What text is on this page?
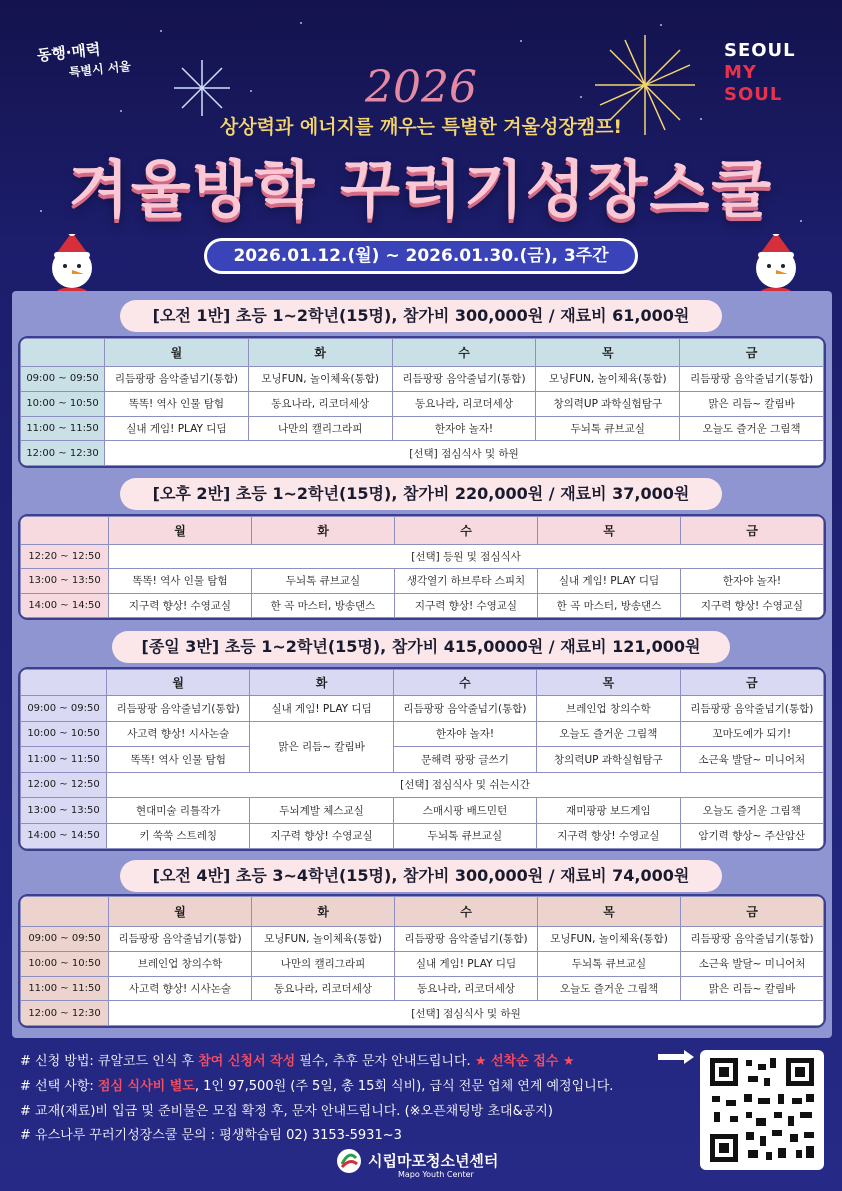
동행·매력
특별시 서울
SEOUL
MY SOUL
2026
상상력과 에너지를 깨우는 특별한 겨울성장캠프!
겨울방학 꾸러기성장스쿨
2026.01.12.(월) ~ 2026.01.30.(금), 3주간
[오전 1반] 초등 1~2학년(15명), 참가비 300,000원 / 재료비 61,000원
	월	화	수	목	금
09:00 ~ 09:50	리듬팡팡 음악줄넘기(통합)	모닝FUN, 놀이체육(통합)	리듬팡팡 음악줄넘기(통합)	모닝FUN, 놀이체육(통합)	리듬팡팡 음악줄넘기(통합)
10:00 ~ 10:50	똑똑! 역사 인물 탐험	동요나라, 리코더세상	동요나라, 리코더세상	창의력UP 과학실험탐구	맑은 리듬~ 칼림바
11:00 ~ 11:50	실내 게임! PLAY 디딤	나만의 캘리그라피	한자야 놀자!	두뇌톡 큐브교실	오늘도 즐거운 그림책
12:00 ~ 12:30	[선택] 점심식사 및 하원				
[오후 2반] 초등 1~2학년(15명), 참가비 220,000원 / 재료비 37,000원
	월	화	수	목	금
12:20 ~ 12:50	[선택] 등원 및 점심식사				
13:00 ~ 13:50	똑똑! 역사 인물 탐험	두뇌톡 큐브교실	생각열기 하브루타 스피치	실내 게임! PLAY 디딤	한자야 놀자!
14:00 ~ 14:50	지구력 향상! 수영교실	한 곡 마스터, 방송댄스	지구력 향상! 수영교실	한 곡 마스터, 방송댄스	지구력 향상! 수영교실
[종일 3반] 초등 1~2학년(15명), 참가비 415,0000원 / 재료비 121,000원
	월	화	수	목	금
09:00 ~ 09:50	리듬팡팡 음악줄넘기(통합)	실내 게임! PLAY 디딤	리듬팡팡 음악줄넘기(통합)	브레인업 창의수학	리듬팡팡 음악줄넘기(통합)
10:00 ~ 10:50	사고력 향상! 시사논술	맑은 리듬~ 칼림바	한자야 놀자!	오늘도 즐거운 그림책	꼬마도예가 되기!
11:00 ~ 11:50	똑똑! 역사 인물 탐험		문해력 팡팡 글쓰기	창의력UP 과학실험탐구	소근육 발달~ 미니어처
12:00 ~ 12:50	[선택] 점심식사 및 쉬는시간				
13:00 ~ 13:50	현대미술 리틀작가	두뇌계발 체스교실	스매시팡 배드민턴	재미팡팡 보드게임	오늘도 즐거운 그림책
14:00 ~ 14:50	키 쑥쑥 스트레칭	지구력 향상! 수영교실	두뇌톡 큐브교실	지구력 향상! 수영교실	암기력 향상~ 주산암산
[오전 4반] 초등 3~4학년(15명), 참가비 300,000원 / 재료비 74,000원
	월	화	수	목	금
09:00 ~ 09:50	리듬팡팡 음악줄넘기(통합)	모닝FUN, 놀이체육(통합)	리듬팡팡 음악줄넘기(통합)	모닝FUN, 놀이체육(통합)	리듬팡팡 음악줄넘기(통합)
10:00 ~ 10:50	브레인업 창의수학	나만의 캘리그라피	실내 게임! PLAY 디딤	두뇌톡 큐브교실	소근육 발달~ 미니어처
11:00 ~ 11:50	사고력 향상! 시사논술	동요나라, 리코더세상	동요나라, 리코더세상	오늘도 즐거운 그림책	맑은 리듬~ 칼림바
12:00 ~ 12:30	[선택] 점심식사 및 하원				
# 신청 방법: 큐알코드 인식 후 참여 신청서 작성 필수, 추후 문자 안내드립니다. ★ 선착순 접수 ★
# 선택 사항: 점심 식사비 별도, 1인 97,500원 (주 5일, 총 15회 식비), 급식 전문 업체 연계 예정입니다.
# 교재(재료)비 입금 및 준비물은 모집 확정 후, 문자 안내드립니다. (※오픈채팅방 초대&공지)
# 유스나루 꾸러기성장스쿨 문의 : 평생학습팀 02) 3153-5931~3
시립마포청소년센터
Mapo Youth Center
